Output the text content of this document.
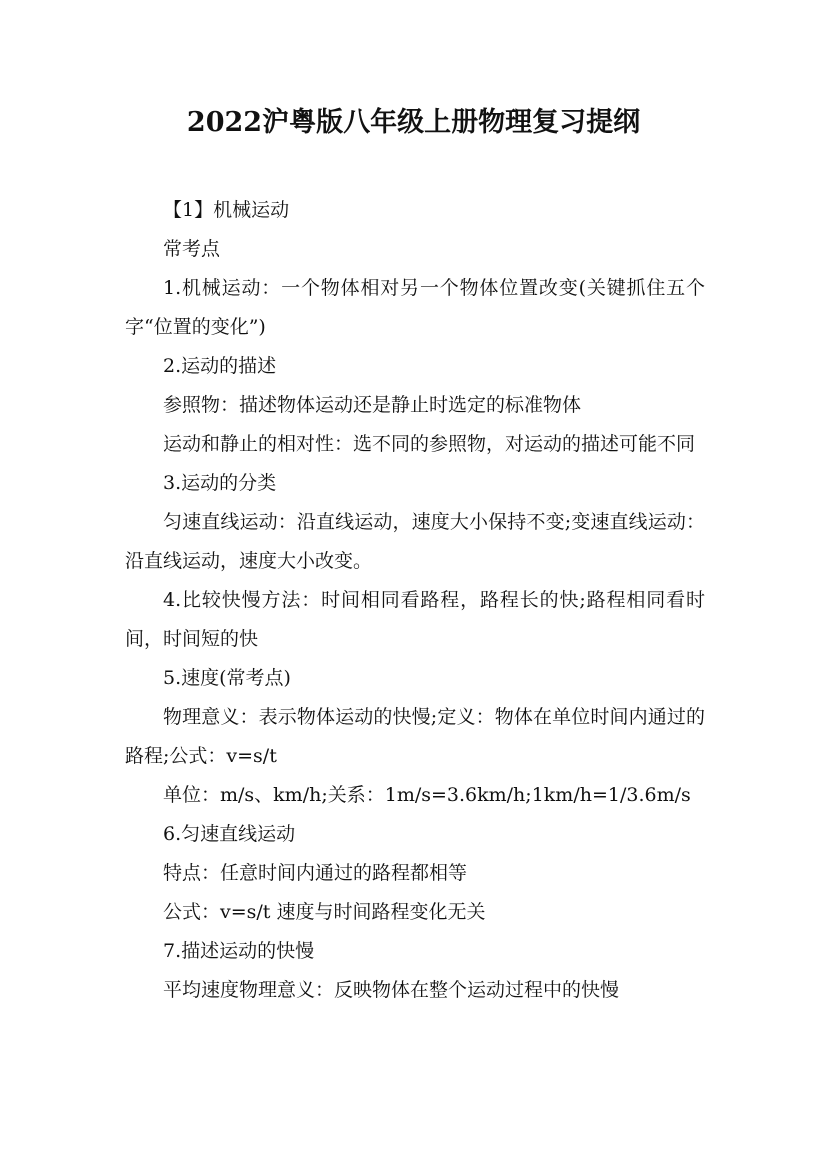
2022沪粤版八年级上册物理复习提纲

【1】机械运动

常考点

1.机械运动：一个物体相对另一个物体位置改变(关键抓住五个字“位置的变化”)

2.运动的描述

参照物：描述物体运动还是静止时选定的标准物体

运动和静止的相对性：选不同的参照物，对运动的描述可能不同

3.运动的分类

匀速直线运动：沿直线运动，速度大小保持不变;变速直线运动：沿直线运动，速度大小改变。

4.比较快慢方法：时间相同看路程，路程长的快;路程相同看时间，时间短的快

5.速度(常考点)

物理意义：表示物体运动的快慢;定义：物体在单位时间内通过的路程;公式：v=s/t

单位：m/s、km/h;关系：1m/s=3.6km/h;1km/h=1/3.6m/s

6.匀速直线运动

特点：任意时间内通过的路程都相等

公式：v=s/t 速度与时间路程变化无关

7.描述运动的快慢

平均速度物理意义：反映物体在整个运动过程中的快慢
